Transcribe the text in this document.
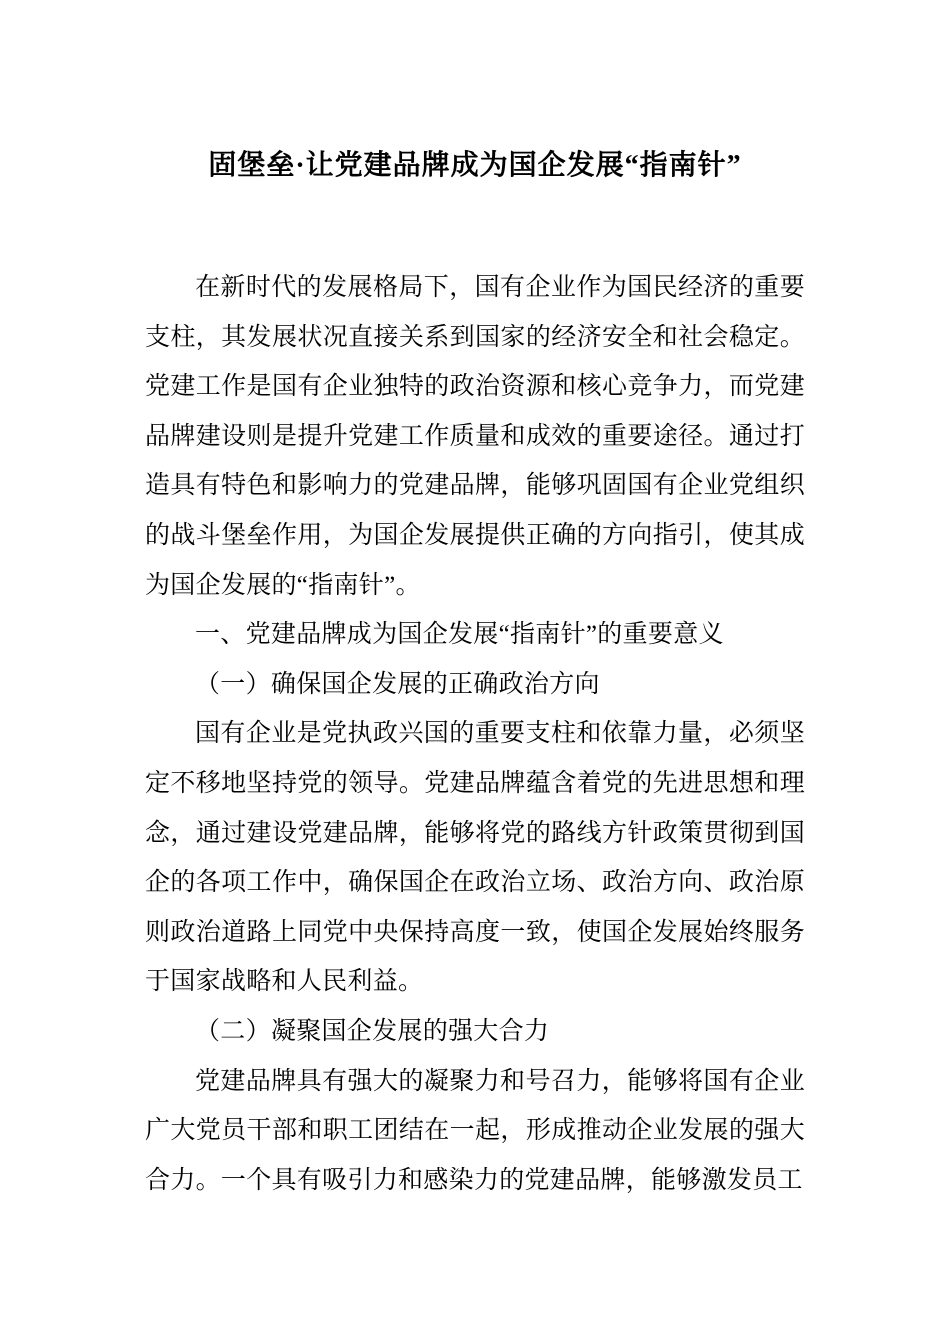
固堡垒·让党建品牌成为国企发展“指南针”

在新时代的发展格局下，国有企业作为国民经济的重要支柱，其发展状况直接关系到国家的经济安全和社会稳定。党建工作是国有企业独特的政治资源和核心竞争力，而党建品牌建设则是提升党建工作质量和成效的重要途径。通过打造具有特色和影响力的党建品牌，能够巩固国有企业党组织的战斗堡垒作用，为国企发展提供正确的方向指引，使其成为国企发展的“指南针”。

一、党建品牌成为国企发展“指南针”的重要意义

（一）确保国企发展的正确政治方向

国有企业是党执政兴国的重要支柱和依靠力量，必须坚定不移地坚持党的领导。党建品牌蕴含着党的先进思想和理念，通过建设党建品牌，能够将党的路线方针政策贯彻到国企的各项工作中，确保国企在政治立场、政治方向、政治原则政治道路上同党中央保持高度一致，使国企发展始终服务于国家战略和人民利益。

（二）凝聚国企发展的强大合力

党建品牌具有强大的凝聚力和号召力，能够将国有企业广大党员干部和职工团结在一起，形成推动企业发展的强大合力。一个具有吸引力和感染力的党建品牌，能够激发员工
